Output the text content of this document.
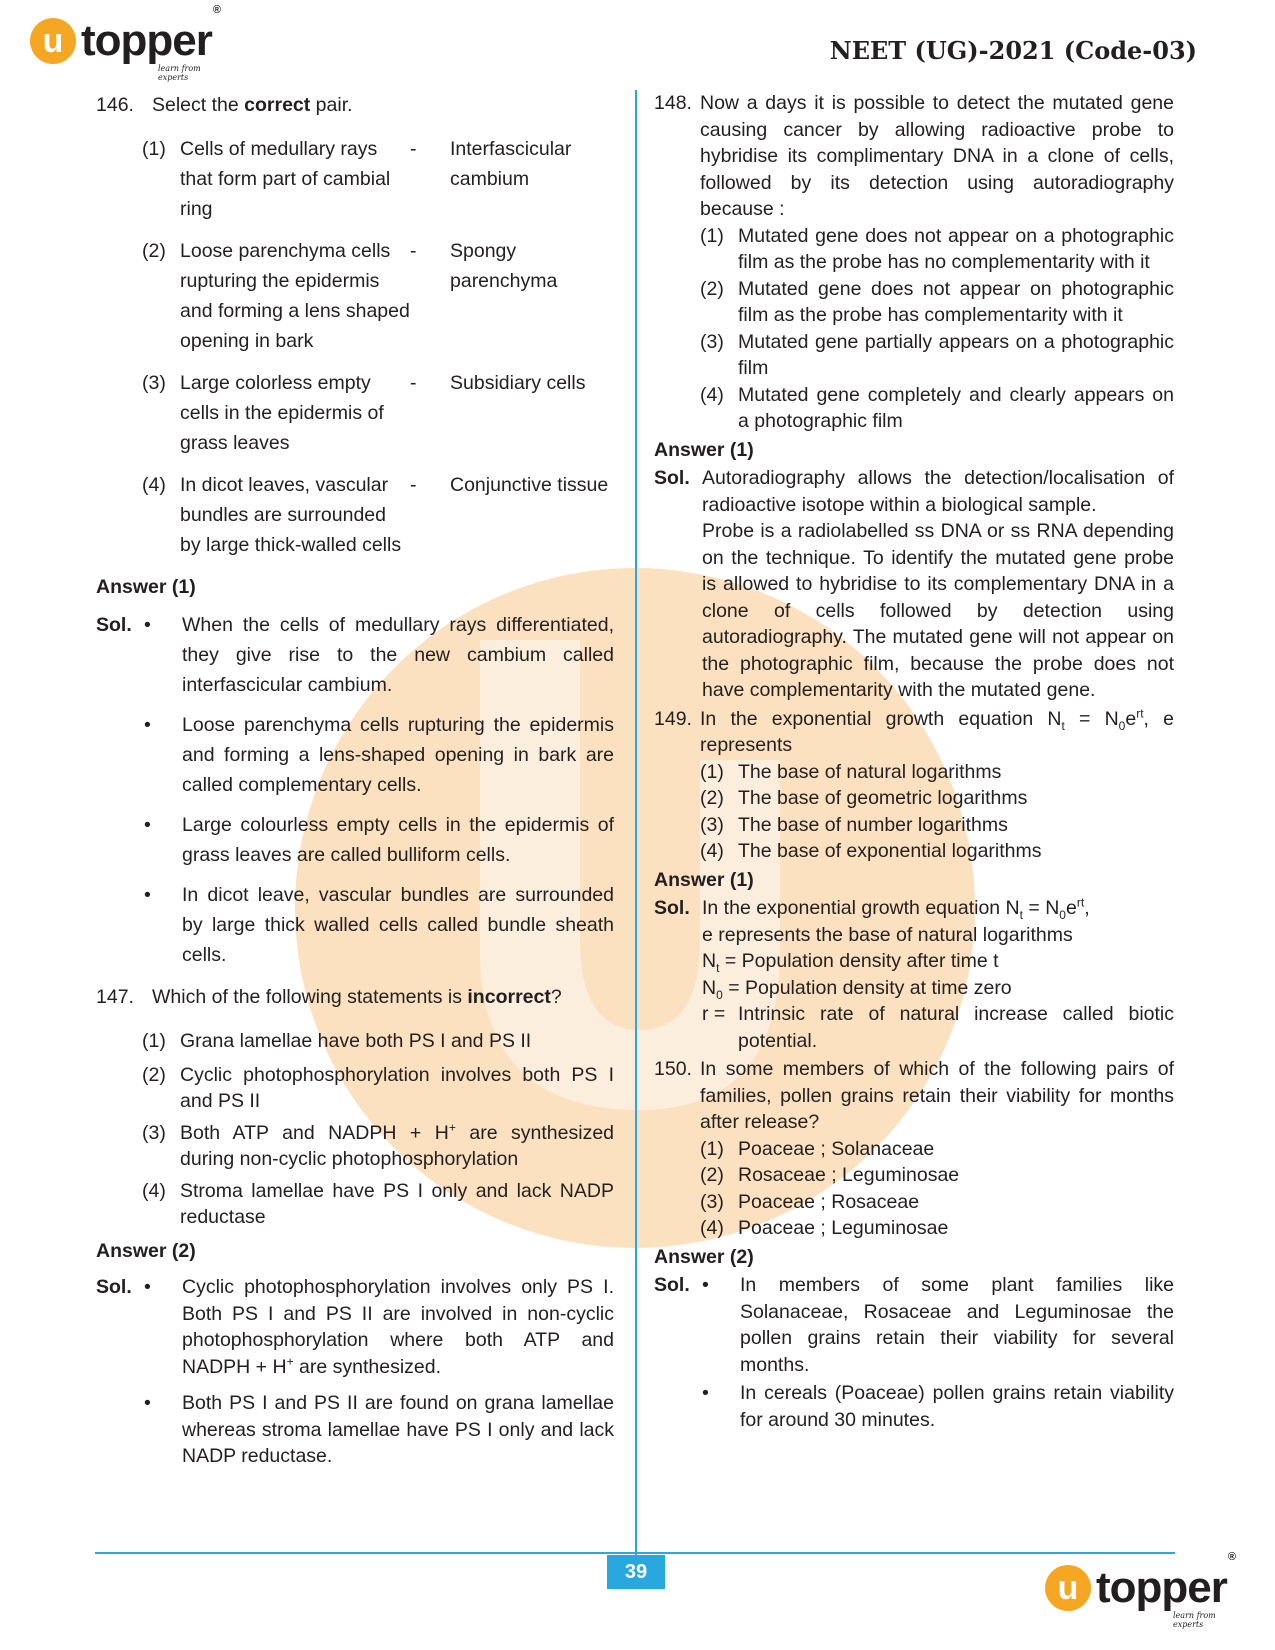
u topper®
learn from experts
NEET (UG)-2021 (Code-03)
146. Select the correct pair.
(1) Cells of medullary rays that form part of cambial ring
-	Interfascicular cambium
(2) Loose parenchyma cells rupturing the epidermis and forming a lens shaped opening in bark
-	Spongy parenchyma
(3) Large colorless empty cells in the epidermis of grass leaves
-	Subsidiary cells
(4) In dicot leaves, vascular bundles are surrounded by large thick-walled cells
-	Conjunctive tissue
Answer (1)
Sol. •	When the cells of medullary rays differentiated, they give rise to the new cambium called interfascicular cambium.
•	Loose parenchyma cells rupturing the epidermis and forming a lens-shaped opening in bark are called complementary cells.
•	Large colourless empty cells in the epidermis of grass leaves are called bulliform cells.
•	In dicot leave, vascular bundles are surrounded by large thick walled cells called bundle sheath cells.
147. Which of the following statements is incorrect?
(1) Grana lamellae have both PS I and PS II
(2) Cyclic photophosphorylation involves both PS I and PS II
(3) Both ATP and NADPH + H+ are synthesized during non-cyclic photophosphorylation
(4) Stroma lamellae have PS I only and lack NADP reductase
Answer (2)
Sol. •	Cyclic photophosphorylation involves only PS I. Both PS I and PS II are involved in non-cyclic photophosphorylation where both ATP and NADPH + H+ are synthesized.
•	Both PS I and PS II are found on grana lamellae whereas stroma lamellae have PS I only and lack NADP reductase.
148. Now a days it is possible to detect the mutated gene causing cancer by allowing radioactive probe to hybridise its complimentary DNA in a clone of cells, followed by its detection using autoradiography because :
(1) Mutated gene does not appear on a photographic film as the probe has no complementarity with it
(2) Mutated gene does not appear on photographic film as the probe has complementarity with it
(3) Mutated gene partially appears on a photographic film
(4) Mutated gene completely and clearly appears on a photographic film
Answer (1)
Sol. Autoradiography allows the detection/localisation of radioactive isotope within a biological sample.
Probe is a radiolabelled ss DNA or ss RNA depending on the technique. To identify the mutated gene probe is allowed to hybridise to its complementary DNA in a clone of cells followed by detection using autoradiography. The mutated gene will not appear on the photographic film, because the probe does not have complementarity with the mutated gene.
149. In the exponential growth equation $N_t = N_0e^{rt}$, e represents
(1) The base of natural logarithms
(2) The base of geometric logarithms
(3) The base of number logarithms
(4) The base of exponential logarithms
Answer (1)
Sol. In the exponential growth equation $N_t = N_0e^{rt}$,
e represents the base of natural logarithms
$N_t$ = Population density after time t
$N_0$ = Population density at time zero
r = Intrinsic rate of natural increase called biotic potential.
150. In some members of which of the following pairs of families, pollen grains retain their viability for months after release?
(1) Poaceae ; Solanaceae
(2) Rosaceae ; Leguminosae
(3) Poaceae ; Rosaceae
(4) Poaceae ; Leguminosae
Answer (2)
Sol. •	In members of some plant families like Solanaceae, Rosaceae and Leguminosae the pollen grains retain their viability for several months.
•	In cereals (Poaceae) pollen grains retain viability for around 30 minutes.
39	u topper®
learn from experts
